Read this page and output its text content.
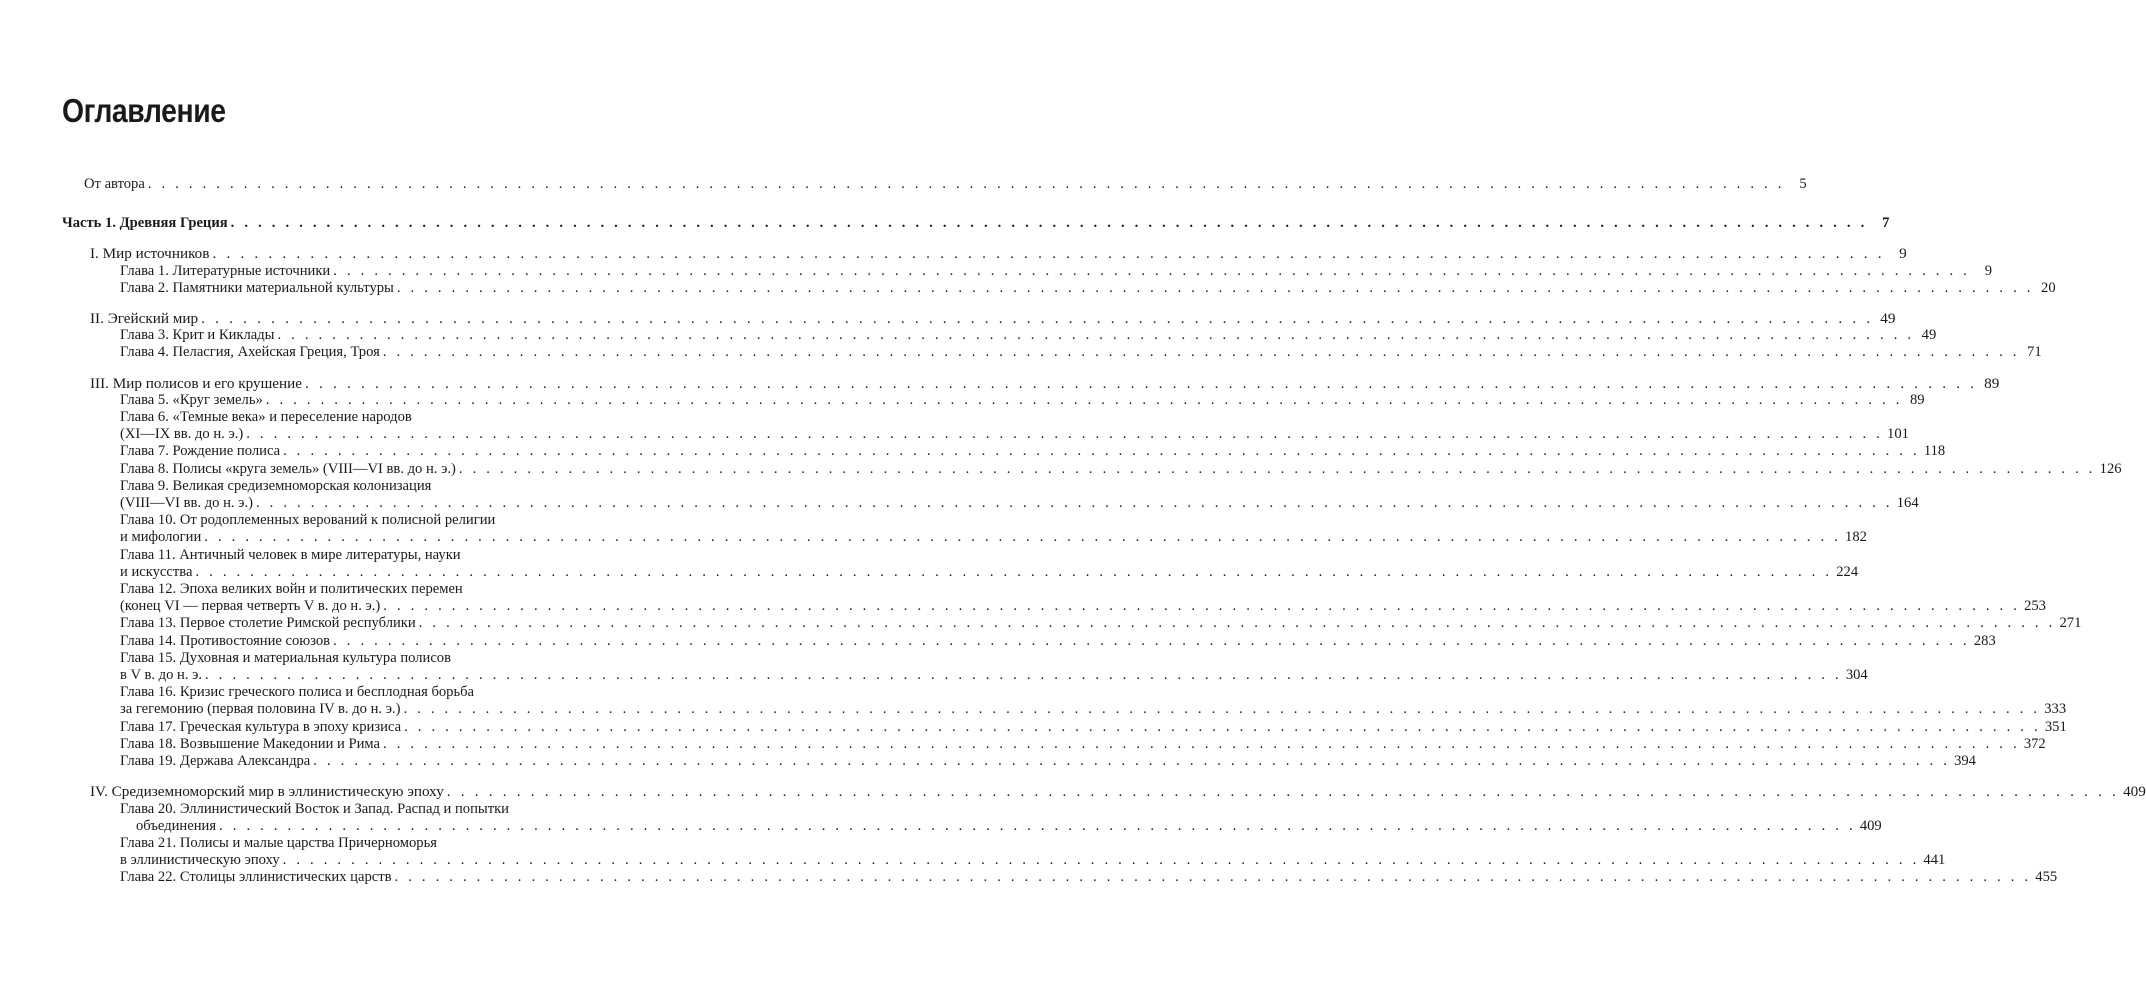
Оглавление
От автора . . . . . . . . . . . . . . . . . . . . . . . . . . . . . . . . . . . . . . . . . . . . . . . . . . . . . . . . . . . . . . . . . . . . . . . . . . . . . . . . . . . . . . . . . . . . . . . . . . . . . . . . . . . . . . . . . . . . . . . .	5
Часть 1. Древняя Греция . . . . . . . . . . . . . . . . . . . . . . . . . . . . . . . . . . . . . . . . . . . . . . . . . . . . . . . . . . . . . . . . . . . . . . . . . . . . . . . . . . . . . . . . . . . . . . . . . . . . . . . . . . . . . . . . . . . . . . . .	7
I. Мир источников . . . . . . . . . . . . . . . . . . . . . . . . . . . . . . . . . . . . . . . . . . . . . . . . . . . . . . . . . . . . . . . . . . . . . . . . . . . . . . . . . . . . . . . . . . . . . . . . . . . . . . . . . . . . . . . . . . . . . . . . 9
Глава 1. Литературные источники . . . . . . . . . . . . . . . . . . . . . . . . . . . . . . . . . . . . . . . . . . . . . . . . . . . . . . . . . . . . . . . . . . . . . . . . . . . . . . . . . . . . . . . . . . . . . . . . . . . . . . . . . . . . . . . . . . . . . . . .	9
Глава 2. Памятники материальной культуры . . . . . . . . . . . . . . . . . . . . . . . . . . . . . . . . . . . . . . . . . . . . . . . . . . . . . . . . . . . . . . . . . . . . . . . . . . . . . . . . . . . . . . . . . . . . . . . . . . . . . . . . . . . . . . . . . . . . . . . . 20
II. Эгейский мир . . . . . . . . . . . . . . . . . . . . . . . . . . . . . . . . . . . . . . . . . . . . . . . . . . . . . . . . . . . . . . . . . . . . . . . . . . . . . . . . . . . . . . . . . . . . . . . . . . . . . . . . . . . . . . . . . . . . . . . . 49
Глава 3. Крит и Киклады . . . . . . . . . . . . . . . . . . . . . . . . . . . . . . . . . . . . . . . . . . . . . . . . . . . . . . . . . . . . . . . . . . . . . . . . . . . . . . . . . . . . . . . . . . . . . . . . . . . . . . . . . . . . . . . . . . . . . . . . 49
Глава 4. Пеласгия, Ахейская Греция, Троя . . . . . . . . . . . . . . . . . . . . . . . . . . . . . . . . . . . . . . . . . . . . . . . . . . . . . . . . . . . . . . . . . . . . . . . . . . . . . . . . . . . . . . . . . . . . . . . . . . . . . . . . . . . . . . . . . . . . . . . . 71
III. Мир полисов и его крушение . . . . . . . . . . . . . . . . . . . . . . . . . . . . . . . . . . . . . . . . . . . . . . . . . . . . . . . . . . . . . . . . . . . . . . . . . . . . . . . . . . . . . . . . . . . . . . . . . . . . . . . . . . . . . . . . . . . . . . . . 89
Глава 5. «Круг земель» . . . . . . . . . . . . . . . . . . . . . . . . . . . . . . . . . . . . . . . . . . . . . . . . . . . . . . . . . . . . . . . . . . . . . . . . . . . . . . . . . . . . . . . . . . . . . . . . . . . . . . . . . . . . . . . . . . . . . . . . 89
Глава 6. «Темные века» и переселение народов
(XI—IX вв. до н. э.) . . . . . . . . . . . . . . . . . . . . . . . . . . . . . . . . . . . . . . . . . . . . . . . . . . . . . . . . . . . . . . . . . . . . . . . . . . . . . . . . . . . . . . . . . . . . . . . . . . . . . . . . . . . . . . . . . . . . . . . . 101
Глава 7. Рождение полиса . . . . . . . . . . . . . . . . . . . . . . . . . . . . . . . . . . . . . . . . . . . . . . . . . . . . . . . . . . . . . . . . . . . . . . . . . . . . . . . . . . . . . . . . . . . . . . . . . . . . . . . . . . . . . . . . . . . . . . . . 118
Глава 8. Полисы «круга земель» (VIII—VI вв. до н. э.) . . . . . . . . . . . . . . . . . . . . . . . . . . . . . . . . . . . . . . . . . . . . . . . . . . . . . . . . . . . . . . . . . . . . . . . . . . . . . . . . . . . . . . . . . . . . . . . . . . . . . . . . . . . . . . . . . . . . . . . . 126
Глава 9. Великая средиземноморская колонизация
(VIII—VI вв. до н. э.) . . . . . . . . . . . . . . . . . . . . . . . . . . . . . . . . . . . . . . . . . . . . . . . . . . . . . . . . . . . . . . . . . . . . . . . . . . . . . . . . . . . . . . . . . . . . . . . . . . . . . . . . . . . . . . . . . . . . . . . . 164
Глава 10. От родоплеменных верований к полисной религии
и мифологии . . . . . . . . . . . . . . . . . . . . . . . . . . . . . . . . . . . . . . . . . . . . . . . . . . . . . . . . . . . . . . . . . . . . . . . . . . . . . . . . . . . . . . . . . . . . . . . . . . . . . . . . . . . . . . . . . . . . . . . . 182
Глава 11. Античный человек в мире литературы, науки
и искусства . . . . . . . . . . . . . . . . . . . . . . . . . . . . . . . . . . . . . . . . . . . . . . . . . . . . . . . . . . . . . . . . . . . . . . . . . . . . . . . . . . . . . . . . . . . . . . . . . . . . . . . . . . . . . . . . . . . . . . . . 224
Глава 12. Эпоха великих войн и политических перемен
(конец VI — первая четверть V в. до н. э.) . . . . . . . . . . . . . . . . . . . . . . . . . . . . . . . . . . . . . . . . . . . . . . . . . . . . . . . . . . . . . . . . . . . . . . . . . . . . . . . . . . . . . . . . . . . . . . . . . . . . . . . . . . . . . . . . . . . . . . . . 253
Глава 13. Первое столетие Римской республики . . . . . . . . . . . . . . . . . . . . . . . . . . . . . . . . . . . . . . . . . . . . . . . . . . . . . . . . . . . . . . . . . . . . . . . . . . . . . . . . . . . . . . . . . . . . . . . . . . . . . . . . . . . . . . . . . . . . . . . . 271
Глава 14. Противостояние союзов . . . . . . . . . . . . . . . . . . . . . . . . . . . . . . . . . . . . . . . . . . . . . . . . . . . . . . . . . . . . . . . . . . . . . . . . . . . . . . . . . . . . . . . . . . . . . . . . . . . . . . . . . . . . . . . . . . . . . . . . 283
Глава 15. Духовная и материальная культура полисов
в V в. до н. э. . . . . . . . . . . . . . . . . . . . . . . . . . . . . . . . . . . . . . . . . . . . . . . . . . . . . . . . . . . . . . . . . . . . . . . . . . . . . . . . . . . . . . . . . . . . . . . . . . . . . . . . . . . . . . . . . . . . . . . . . 304
Глава 16. Кризис греческого полиса и бесплодная борьба
за гегемонию (первая половина IV в. до н. э.) . . . . . . . . . . . . . . . . . . . . . . . . . . . . . . . . . . . . . . . . . . . . . . . . . . . . . . . . . . . . . . . . . . . . . . . . . . . . . . . . . . . . . . . . . . . . . . . . . . . . . . . . . . . . . . . . . . . . . . . . 333
Глава 17. Греческая культура в эпоху кризиса . . . . . . . . . . . . . . . . . . . . . . . . . . . . . . . . . . . . . . . . . . . . . . . . . . . . . . . . . . . . . . . . . . . . . . . . . . . . . . . . . . . . . . . . . . . . . . . . . . . . . . . . . . . . . . . . . . . . . . . . 351
Глава 18. Возвышение Македонии и Рима . . . . . . . . . . . . . . . . . . . . . . . . . . . . . . . . . . . . . . . . . . . . . . . . . . . . . . . . . . . . . . . . . . . . . . . . . . . . . . . . . . . . . . . . . . . . . . . . . . . . . . . . . . . . . . . . . . . . . . . . 372
Глава 19. Держава Александра . . . . . . . . . . . . . . . . . . . . . . . . . . . . . . . . . . . . . . . . . . . . . . . . . . . . . . . . . . . . . . . . . . . . . . . . . . . . . . . . . . . . . . . . . . . . . . . . . . . . . . . . . . . . . . . . . . . . . . . . 394
IV. Средиземноморский мир в эллинистическую эпоху . . . . . . . . . . . . . . . . . . . . . . . . . . . . . . . . . . . . . . . . . . . . . . . . . . . . . . . . . . . . . . . . . . . . . . . . . . . . . . . . . . . . . . . . . . . . . . . . . . . . . . . . . . . . . . . . . . . . . . . . 409
Глава 20. Эллинистический Восток и Запад. Распад и попытки
объединения . . . . . . . . . . . . . . . . . . . . . . . . . . . . . . . . . . . . . . . . . . . . . . . . . . . . . . . . . . . . . . . . . . . . . . . . . . . . . . . . . . . . . . . . . . . . . . . . . . . . . . . . . . . . . . . . . . . . . . . . 409
Глава 21. Полисы и малые царства Причерноморья
в эллинистическую эпоху . . . . . . . . . . . . . . . . . . . . . . . . . . . . . . . . . . . . . . . . . . . . . . . . . . . . . . . . . . . . . . . . . . . . . . . . . . . . . . . . . . . . . . . . . . . . . . . . . . . . . . . . . . . . . . . . . . . . . . . . 441
Глава 22. Столицы эллинистических царств . . . . . . . . . . . . . . . . . . . . . . . . . . . . . . . . . . . . . . . . . . . . . . . . . . . . . . . . . . . . . . . . . . . . . . . . . . . . . . . . . . . . . . . . . . . . . . . . . . . . . . . . . . . . . . . . . . . . . . . . 455
